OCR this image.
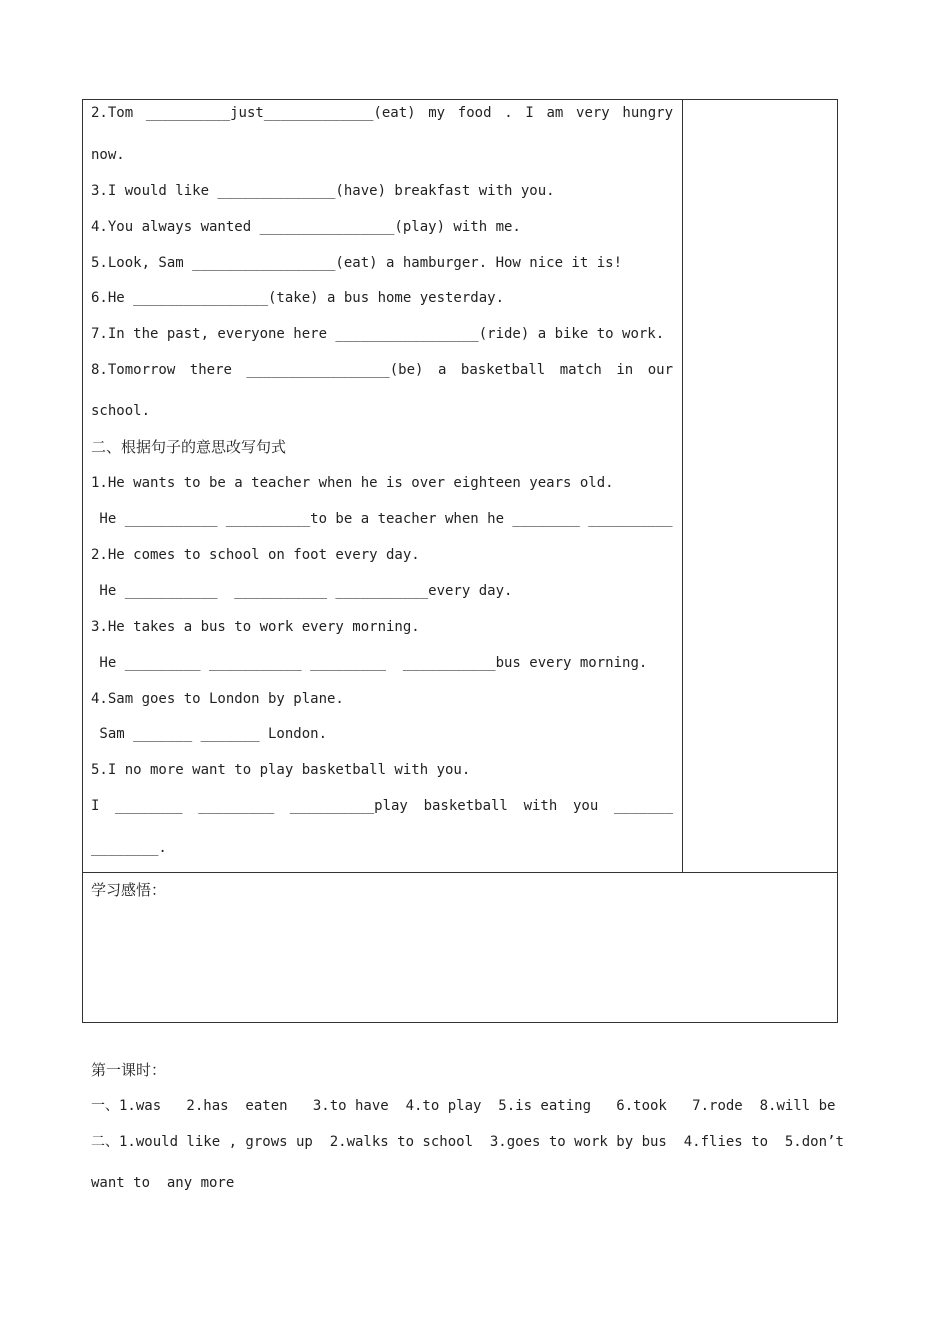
2.Tom __________just_____________(eat) my food . I am very hungry
now.
3.I would like ______________(have) breakfast with you.
4.You always wanted ________________(play) with me.
5.Look, Sam _________________(eat) a hamburger. How nice it is!
6.He ________________(take) a bus home yesterday.
7.In the past, everyone here _________________(ride) a bike to work.
8.Tomorrow there _________________(be) a basketball match in our
school.
二、根据句子的意思改写句式
1.He wants to be a teacher when he is over eighteen years old.
He ___________ __________to be a teacher when he ________ __________
2.He comes to school on foot every day.
He ___________  ___________ ___________every day.
3.He takes a bus to work every morning.
He _________ ___________ _________  ___________bus every morning.
4.Sam goes to London by plane.
Sam _______ _______ London.
5.I no more want to play basketball with you.
I ________ _________ __________play basketball with you _______
________.
学习感悟：
第一课时：
一、1.was   2.has  eaten   3.to have  4.to play  5.is eating   6.took   7.rode  8.will be
二、1.would like , grows up  2.walks to school  3.goes to work by bus  4.flies to  5.don’t
want to  any more
